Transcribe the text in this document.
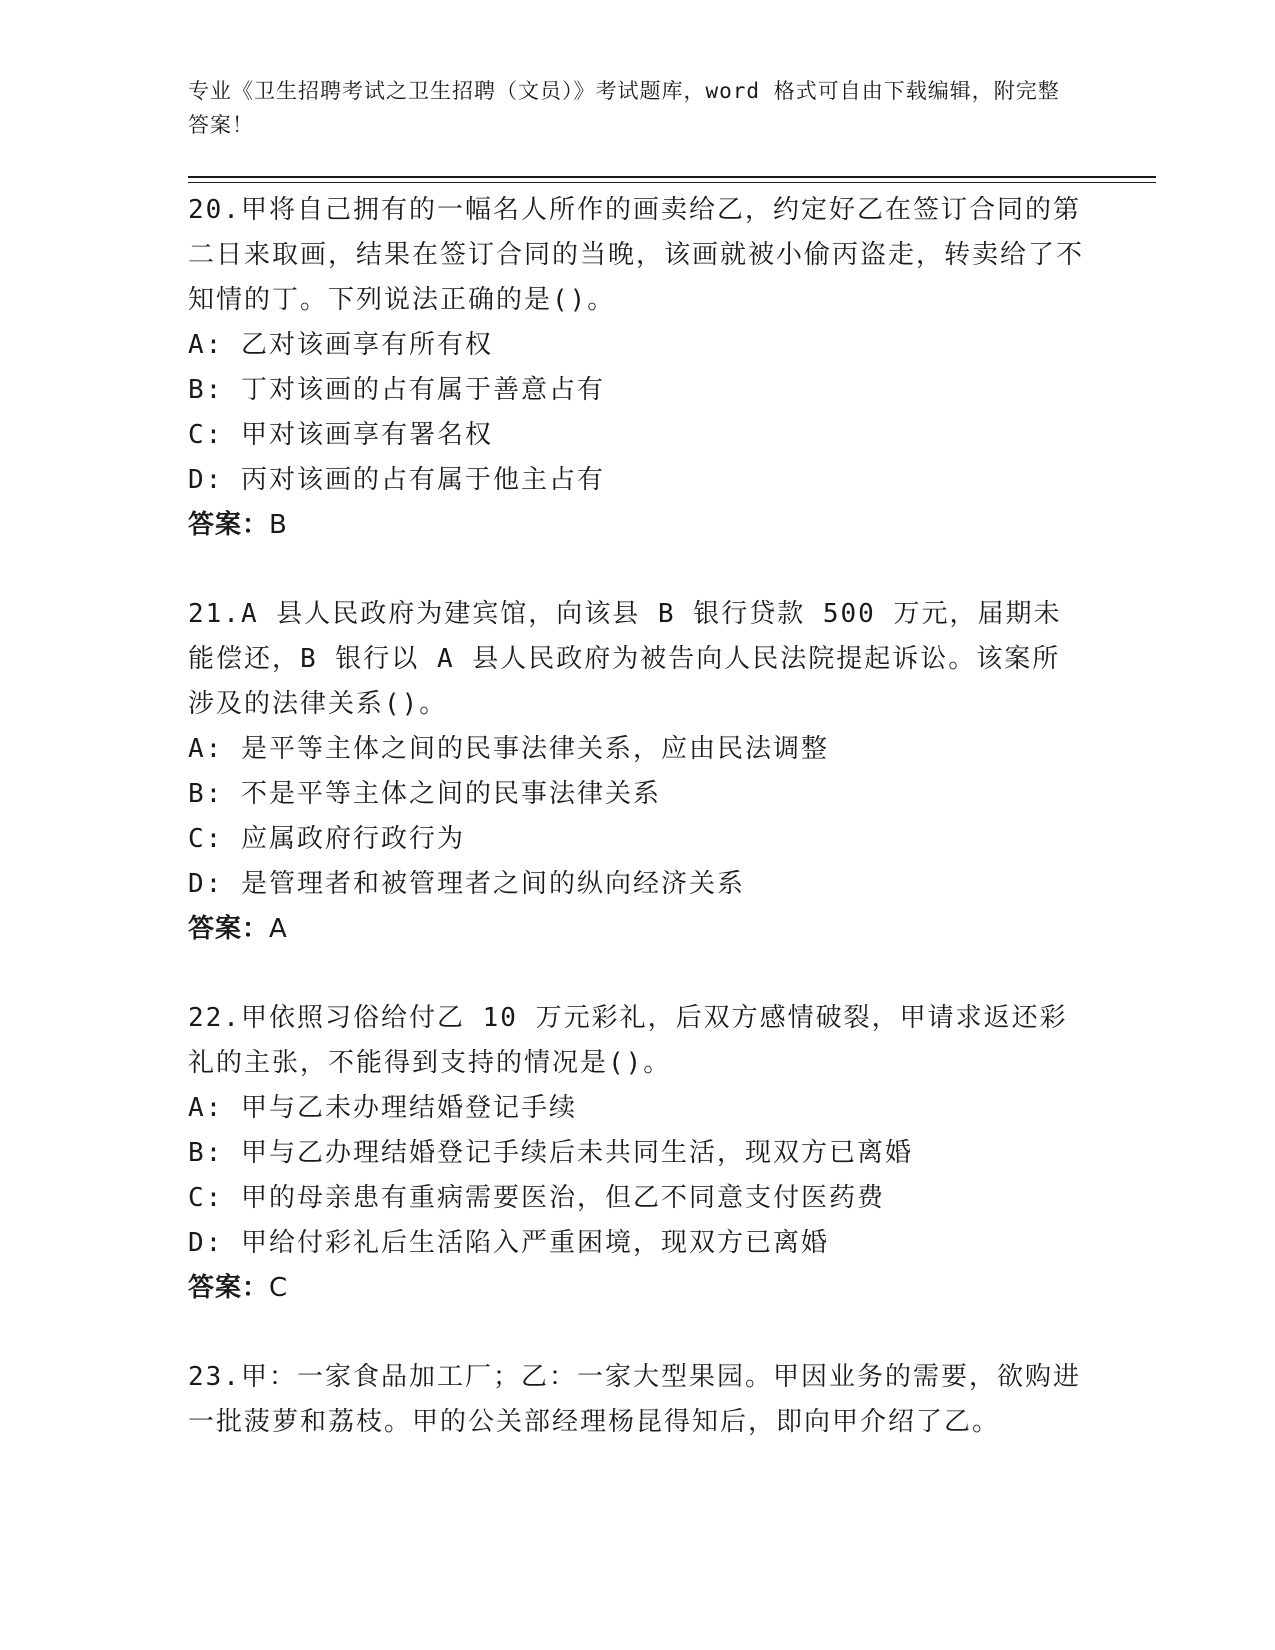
专业《卫生招聘考试之卫生招聘（文员）》考试题库，word 格式可自由下载编辑，附完整答案！
20.甲将自己拥有的一幅名人所作的画卖给乙，约定好乙在签订合同的第二日来取画，结果在签订合同的当晚，该画就被小偷丙盗走，转卖给了不知情的丁。下列说法正确的是()。
A: 乙对该画享有所有权
B: 丁对该画的占有属于善意占有
C: 甲对该画享有署名权
D: 丙对该画的占有属于他主占有
答案：B
21.A 县人民政府为建宾馆，向该县 B 银行贷款 500 万元，届期未能偿还，B 银行以 A 县人民政府为被告向人民法院提起诉讼。该案所涉及的法律关系()。
A: 是平等主体之间的民事法律关系，应由民法调整
B: 不是平等主体之间的民事法律关系
C: 应属政府行政行为
D: 是管理者和被管理者之间的纵向经济关系
答案：A
22.甲依照习俗给付乙 10 万元彩礼，后双方感情破裂，甲请求返还彩礼的主张，不能得到支持的情况是()。
A: 甲与乙未办理结婚登记手续
B: 甲与乙办理结婚登记手续后未共同生活，现双方已离婚
C: 甲的母亲患有重病需要医治，但乙不同意支付医药费
D: 甲给付彩礼后生活陷入严重困境，现双方已离婚
答案：C
23.甲：一家食品加工厂；乙：一家大型果园。甲因业务的需要，欲购进一批菠萝和荔枝。甲的公关部经理杨昆得知后，即向甲介绍了乙。
